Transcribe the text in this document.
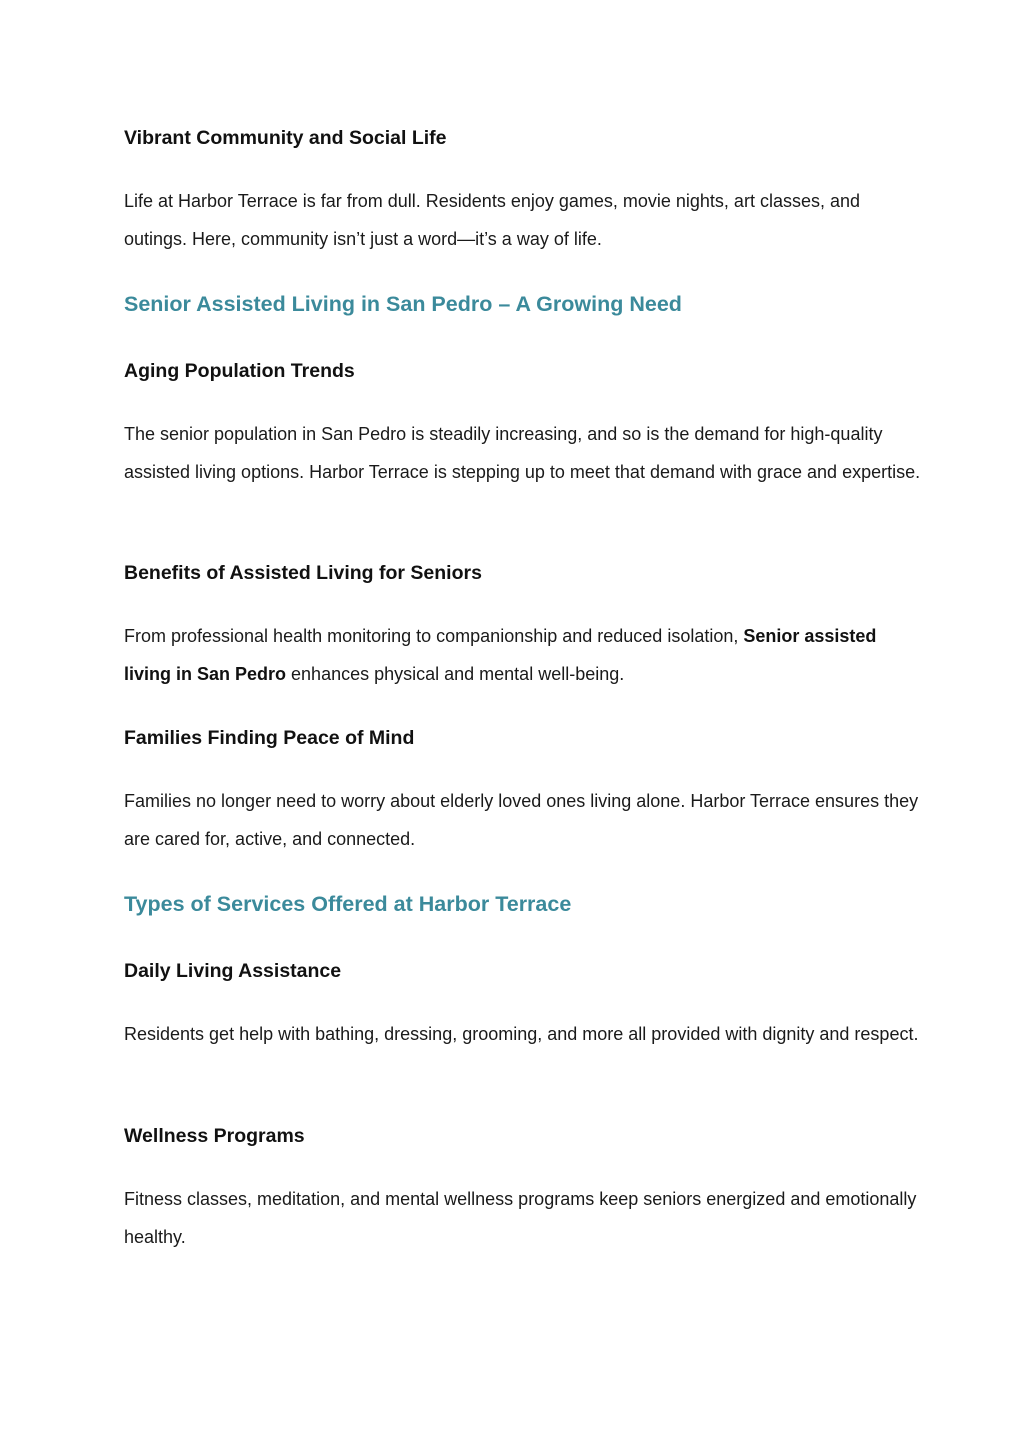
Vibrant Community and Social Life

Life at Harbor Terrace is far from dull. Residents enjoy games, movie nights, art classes, and outings. Here, community isn’t just a word—it’s a way of life.

Senior Assisted Living in San Pedro – A Growing Need
Aging Population Trends

The senior population in San Pedro is steadily increasing, and so is the demand for high-quality assisted living options. Harbor Terrace is stepping up to meet that demand with grace and expertise.

Benefits of Assisted Living for Seniors

From professional health monitoring to companionship and reduced isolation, Senior assisted living in San Pedro enhances physical and mental well-being.

Families Finding Peace of Mind

Families no longer need to worry about elderly loved ones living alone. Harbor Terrace ensures they are cared for, active, and connected.

Types of Services Offered at Harbor Terrace
Daily Living Assistance

Residents get help with bathing, dressing, grooming, and more all provided with dignity and respect.

Wellness Programs

Fitness classes, meditation, and mental wellness programs keep seniors energized and emotionally healthy.
